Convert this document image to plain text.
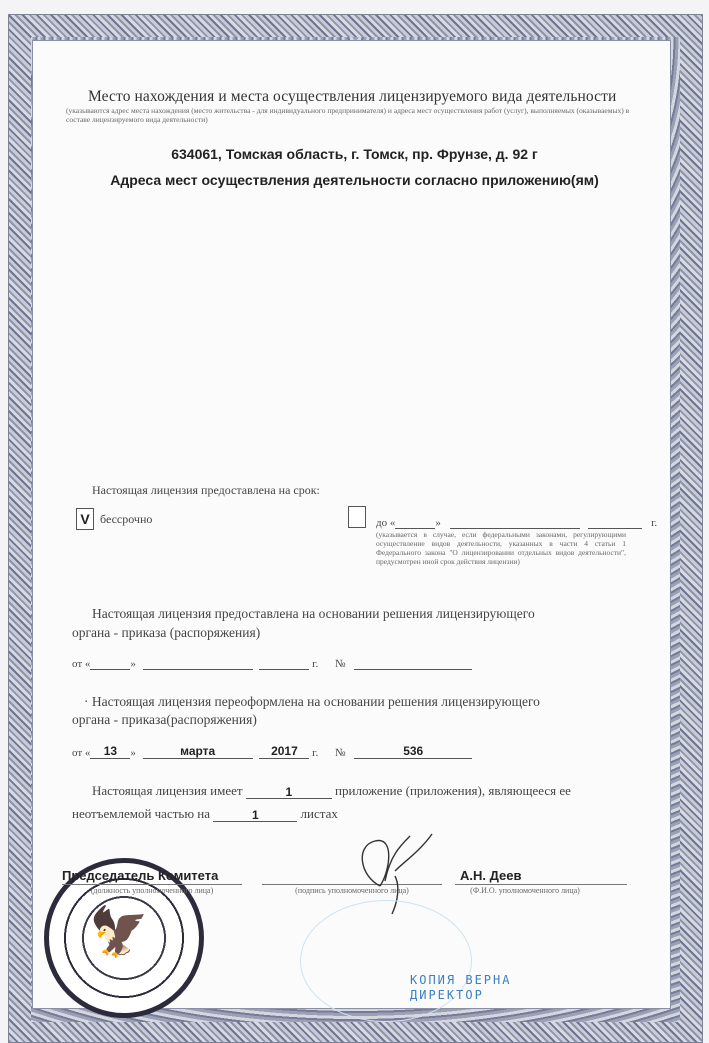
Место нахождения и места осуществления лицензируемого вида деятельности
(указываются адрес места нахождения (место жительства - для индивидуального предпринимателя) и адреса мест осуществления работ (услуг), выполняемых (оказываемых) в составе лицензируемого вида деятельности)
634061, Томская область, г. Томск, пр. Фрунзе, д. 92 г
Адреса мест осуществления деятельности согласно приложению(ям)
Настоящая лицензия предоставлена на срок:
V бессрочно	до «	»	г.
(указывается в случае, если федеральными законами, регулирующими осуществление видов деятельности, указанных в части 4 статьи 1 Федерального закона "О лицензировании отдельных видов деятельности", предусмотрен иной срок действия лицензии)
Настоящая лицензия предоставлена на основании решения лицензирующего
органа - приказа (распоряжения)
от «	»	г. №
· Настоящая лицензия переоформлена на основании решения лицензирующего
органа - приказа(распоряжения)
от « 13 »	марта	2017 г. №	536
Настоящая лицензия имеет	1	приложение (приложения), являющееся ее
неотъемлемой частью на	1	листах
🦅
Председатель Комитета
(должность уполномоченного лица)	(подпись уполномоченного лица)
А.Н. Деев
(Ф.И.О. уполномоченного лица)
КОПИЯ ВЕРНА
ДИРЕКТОР
